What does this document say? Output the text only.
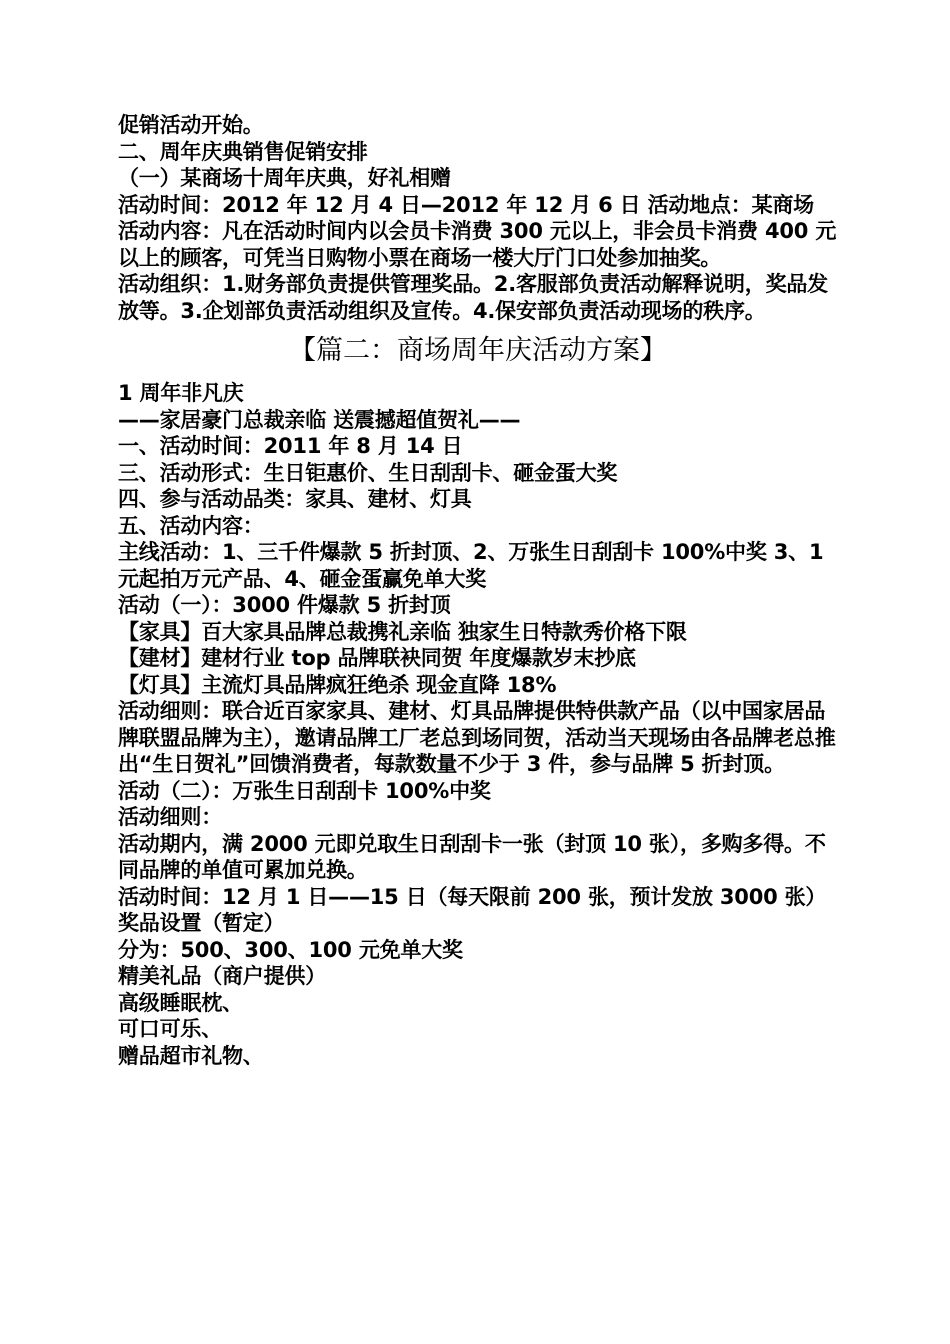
促销活动开始。

二、周年庆典销售促销安排

（一）某商场十周年庆典，好礼相赠

活动时间：2012 年 12 月 4 日—2012 年 12 月 6 日 活动地点：某商场

活动内容：凡在活动时间内以会员卡消费 300 元以上，非会员卡消费 400 元以上的顾客，可凭当日购物小票在商场一楼大厅门口处参加抽奖。

活动组织：1.财务部负责提供管理奖品。2.客服部负责活动解释说明，奖品发放等。3.企划部负责活动组织及宣传。4.保安部负责活动现场的秩序。

【篇二：商场周年庆活动方案】

1 周年非凡庆

——家居豪门总裁亲临 送震撼超值贺礼——

一、活动时间：2011 年 8 月 14 日

三、活动形式：生日钜惠价、生日刮刮卡、砸金蛋大奖

四、参与活动品类：家具、建材、灯具

五、活动内容：

主线活动：1、三千件爆款 5 折封顶、2、万张生日刮刮卡 100%中奖 3、1 元起拍万元产品、4、砸金蛋赢免单大奖

活动（一）：3000 件爆款 5 折封顶

【家具】百大家具品牌总裁携礼亲临 独家生日特款秀价格下限

【建材】建材行业 top 品牌联袂同贺 年度爆款岁末抄底

【灯具】主流灯具品牌疯狂绝杀 现金直降 18%

活动细则：联合近百家家具、建材、灯具品牌提供特供款产品（以中国家居品牌联盟品牌为主），邀请品牌工厂老总到场同贺，活动当天现场由各品牌老总推出“生日贺礼”回馈消费者，每款数量不少于 3 件，参与品牌 5 折封顶。

活动（二）：万张生日刮刮卡 100%中奖

活动细则：

活动期内，满 2000 元即兑取生日刮刮卡一张（封顶 10 张），多购多得。不同品牌的单值可累加兑换。

活动时间：12 月 1 日——15 日（每天限前 200 张，预计发放 3000 张） 奖品设置（暂定）

分为：500、300、100 元免单大奖

精美礼品（商户提供）

高级睡眠枕、

可口可乐、

赠品超市礼物、
